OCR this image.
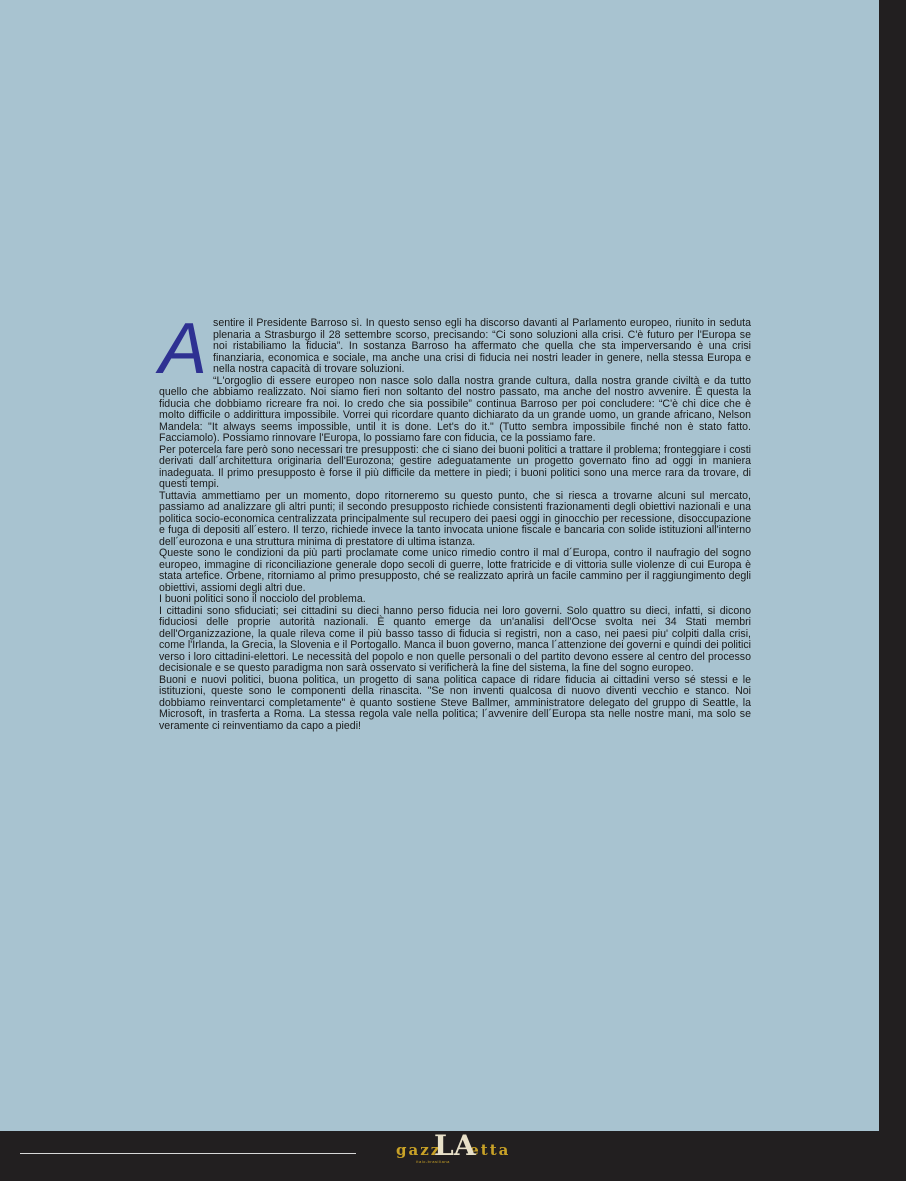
A sentire il Presidente Barroso sì. In questo senso egli ha discorso davanti al Parlamento europeo, riunito in seduta plenaria a Strasburgo il 28 settembre scorso, precisando: “Ci sono soluzioni alla crisi. C'è futuro per l'Europa se noi ristabiliamo la fiducia”. In sostanza Barroso ha affermato che quella che sta imperversando è una crisi finanziaria, economica e sociale, ma anche una crisi di fiducia nei nostri leader in genere, nella stessa Europa e nella nostra capacità di trovare soluzioni.

“L'orgoglio di essere europeo non nasce solo dalla nostra grande cultura, dalla nostra grande civiltà e da tutto quello che abbiamo realizzato. Noi siamo fieri non soltanto del nostro passato, ma anche del nostro avvenire. È questa la fiducia che dobbiamo ricreare fra noi. Io credo che sia possibile” continua Barroso per poi concludere: “C'è chi dice che è molto difficile o addirittura impossibile. Vorrei qui ricordare quanto dichiarato da un grande uomo, un grande africano, Nelson Mandela: "It always seems impossible, until it is done. Let's do it." (Tutto sembra impossibile finché non è stato fatto. Facciamolo). Possiamo rinnovare l'Europa, lo possiamo fare con fiducia, ce la possiamo fare.

Per potercela fare però sono necessari tre presupposti: che ci siano dei buoni politici a trattare il problema; fronteggiare i costi derivati dall´architettura originaria dell'Eurozona; gestire adeguatamente un progetto governato fino ad oggi in maniera inadeguata. Il primo presupposto è forse il più difficile da mettere in piedi; i buoni politici sono una merce rara da trovare, di questi tempi.

Tuttavia ammettiamo per un momento, dopo ritorneremo su questo punto, che si riesca a trovarne alcuni sul mercato, passiamo ad analizzare gli altri punti; il secondo presupposto richiede consistenti frazionamenti degli obiettivi nazionali e una politica socio-economica centralizzata principalmente sul recupero dei paesi oggi in ginocchio per recessione, disoccupazione e fuga di depositi all´estero. Il terzo, richiede invece la tanto invocata unione fiscale e bancaria con solide istituzioni all'interno dell´eurozona e una struttura minima di prestatore di ultima istanza.

Queste sono le condizioni da più parti proclamate come unico rimedio contro il mal d´Europa, contro il naufragio del sogno europeo, immagine di riconciliazione generale dopo secoli di guerre, lotte fratricide e di vittoria sulle violenze di cui Europa è stata artefice. Orbene, ritorniamo al primo presupposto, ché se realizzato aprirà un facile cammino per il raggiungimento degli obiettivi, assiomi degli altri due.

I buoni politici sono il nocciolo del problema.

I cittadini sono sfiduciati; sei cittadini su dieci hanno perso fiducia nei loro governi. Solo quattro su dieci, infatti, si dicono fiduciosi delle proprie autorità nazionali. È quanto emerge da un'analisi dell'Ocse svolta nei 34 Stati membri dell'Organizzazione, la quale rileva come il più basso tasso di fiducia si registri, non a caso, nei paesi piu' colpiti dalla crisi, come l'Irlanda, la Grecia, la Slovenia e il Portogallo. Manca il buon governo, manca l´attenzione dei governi e quindi dei politici verso i loro cittadini-elettori. Le necessità del popolo e non quelle personali o del partito devono essere al centro del processo decisionale e se questo paradigma non sarà osservato si verificherà la fine del sistema, la fine del sogno europeo.

Buoni e nuovi politici, buona politica, un progetto di sana politica capace di ridare fiducia ai cittadini verso sé stessi e le istituzioni, queste sono le componenti della rinascita. "Se non inventi qualcosa di nuovo diventi vecchio e stanco. Noi dobbiamo reinventarci completamente" è quanto sostiene Steve Ballmer, amministratore delegato del gruppo di Seattle, la Microsoft, in trasferta a Roma. La stessa regola vale nella politica; l´avvenire dell´Europa sta nelle nostre mani, ma solo se veramente ci reinventiamo da capo a piedi!

gazz etta
LA
italo-brasiliana
